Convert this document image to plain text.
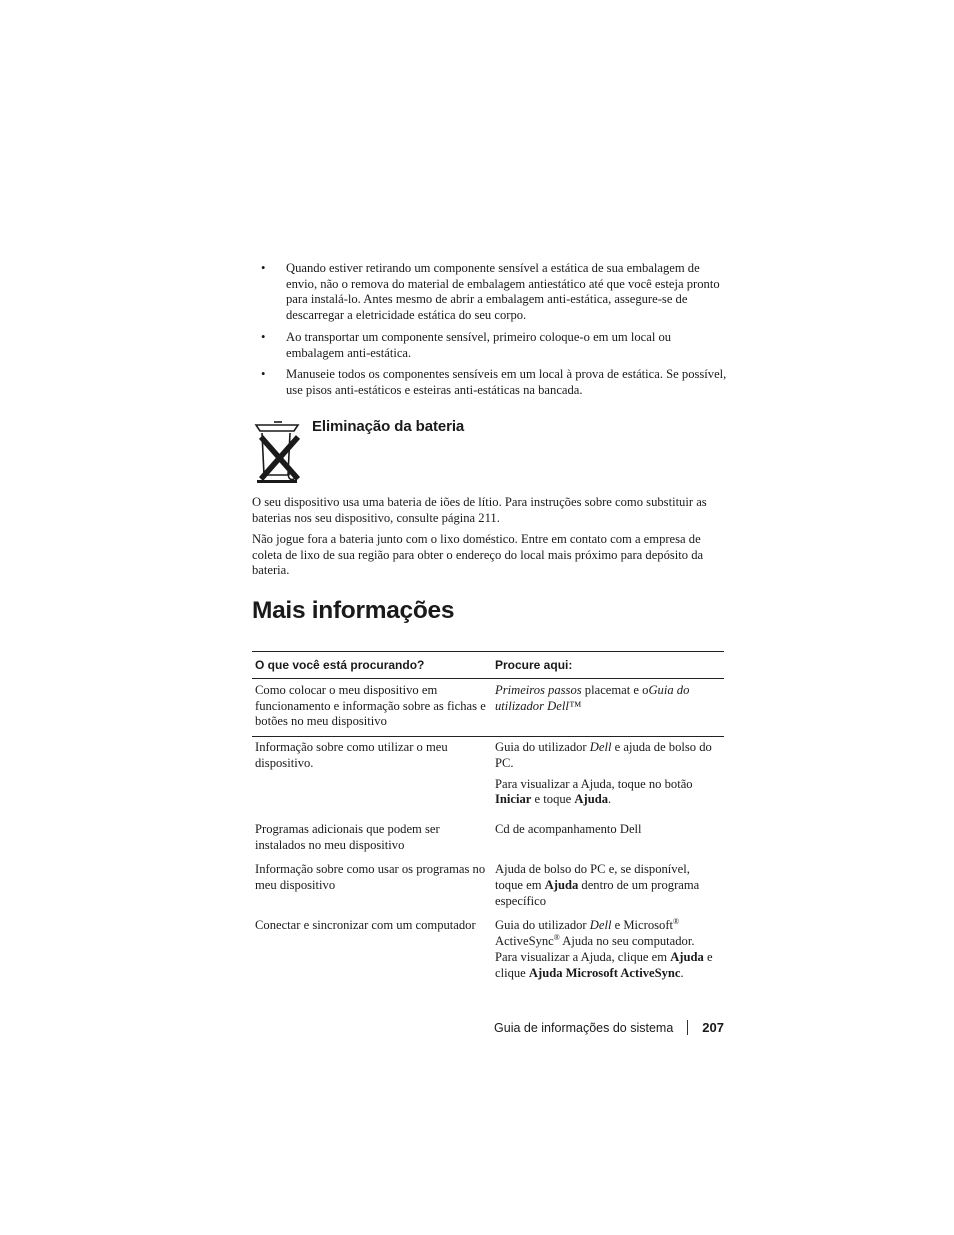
• Quando estiver retirando um componente sensível a estática de sua embalagem de envio, não o remova do material de embalagem antiestático até que você esteja pronto para instalá-lo. Antes mesmo de abrir a embalagem anti-estática, assegure-se de descarregar a eletricidade estática do seu corpo.
• Ao transportar um componente sensível, primeiro coloque-o em um local ou embalagem anti-estática.
• Manuseie todos os componentes sensíveis em um local à prova de estática. Se possível, use pisos anti-estáticos e esteiras anti-estáticas na bancada.
Eliminação da bateria

O seu dispositivo usa uma bateria de iões de lítio. Para instruções sobre como substituir as baterias nos seu dispositivo, consulte página 211.

Não jogue fora a bateria junto com o lixo doméstico. Entre em contato com a empresa de coleta de lixo de sua região para obter o endereço do local mais próximo para depósito da bateria.

Mais informações
O que você está procurando?	Procure aqui:
Como colocar o meu dispositivo em funcionamento e informação sobre as fichas e botões no meu dispositivo	Primeiros passos placemat e oGuia do utilizador Dell™
Informação sobre como utilizar o meu dispositivo.	Guia do utilizador Dell e ajuda de bolso do PC.

Para visualizar a Ajuda, toque no botão Iniciar e toque Ajuda.

Programas adicionais que podem ser instalados no meu dispositivo	Cd de acompanhamento Dell
Informação sobre como usar os programas no meu dispositivo	Ajuda de bolso do PC e, se disponível, toque em Ajuda dentro de um programa específico
Conectar e sincronizar com um computador	Guia do utilizador Dell e Microsoft® ActiveSync® Ajuda no seu computador. Para visualizar a Ajuda, clique em Ajuda e clique Ajuda Microsoft ActiveSync.
Guia de informações do sistema 207
